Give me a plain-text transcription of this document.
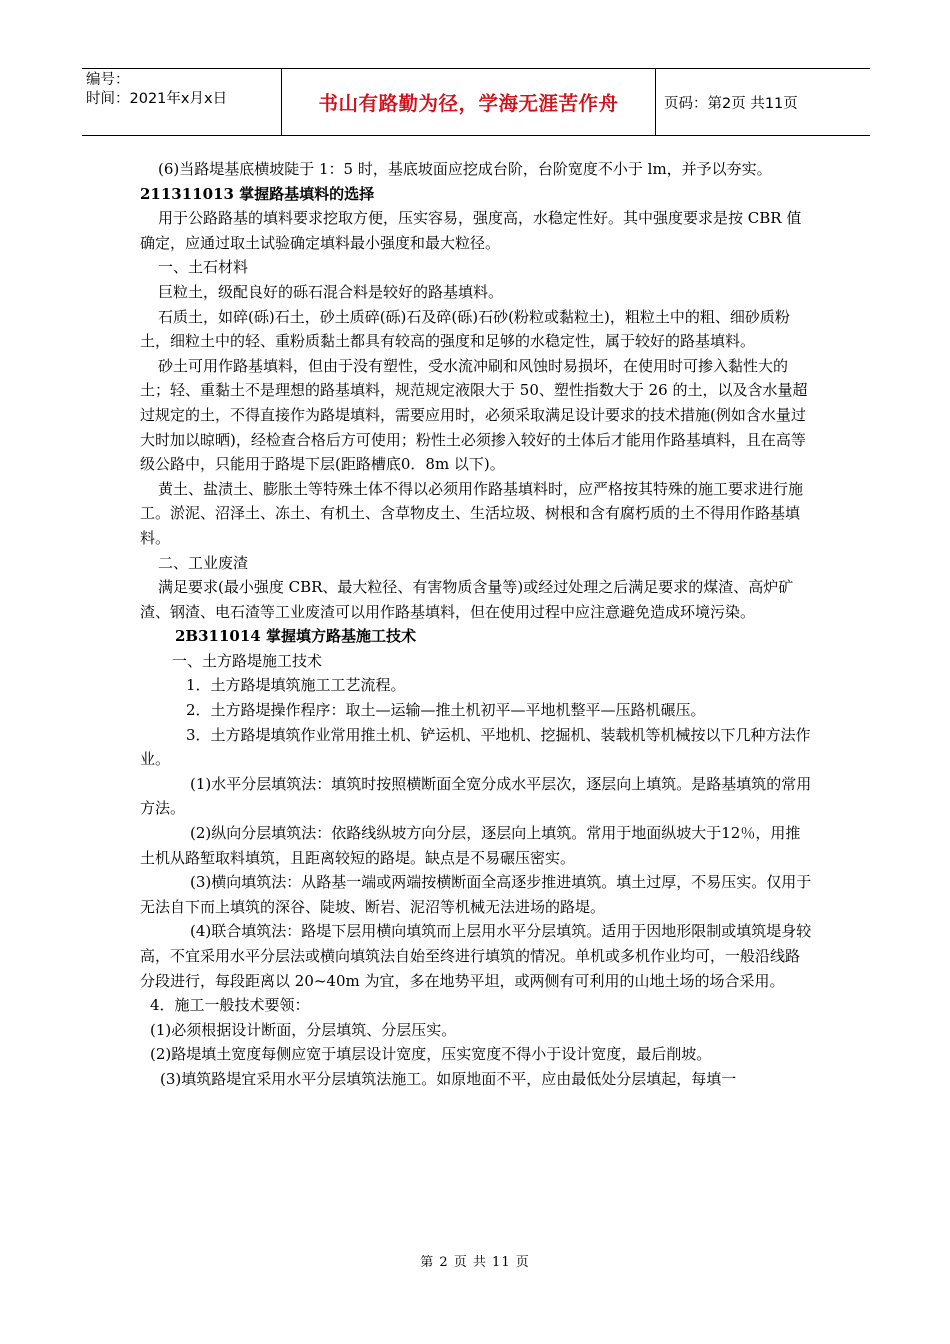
编号：
时间：2021年x月x日	书山有路勤为径，学海无涯苦作舟	页码：第2页 共11页

(6)当路堤基底横坡陡于 1：5 时，基底坡面应挖成台阶，台阶宽度不小于 lm，并予以夯实。

211311013 掌握路基填料的选择

用于公路路基的填料要求挖取方便，压实容易，强度高，水稳定性好。其中强度要求是按 CBR 值确定，应通过取土试验确定填料最小强度和最大粒径。

一、土石材料

巨粒土，级配良好的砾石混合料是较好的路基填料。

石质土，如碎(砾)石土，砂土质碎(砾)石及碎(砾)石砂(粉粒或黏粒土)，粗粒土中的粗、细砂质粉土，细粒土中的轻、重粉质黏土都具有较高的强度和足够的水稳定性，属于较好的路基填料。

砂土可用作路基填料，但由于没有塑性，受水流冲刷和风蚀时易损坏，在使用时可掺入黏性大的土；轻、重黏土不是理想的路基填料，规范规定液限大于 50、塑性指数大于 26 的土，以及含水量超过规定的土，不得直接作为路堤填料，需要应用时，必须采取满足设计要求的技术措施(例如含水量过大时加以晾晒)，经检查合格后方可使用；粉性土必须掺入较好的土体后才能用作路基填料，且在高等级公路中，只能用于路堤下层(距路槽底0．8m 以下)。

黄土、盐渍土、膨胀土等特殊土体不得以必须用作路基填料时，应严格按其特殊的施工要求进行施工。淤泥、沼泽土、冻土、有机土、含草物皮土、生活垃圾、树根和含有腐朽质的土不得用作路基填料。

二、工业废渣

满足要求(最小强度 CBR、最大粒径、有害物质含量等)或经过处理之后满足要求的煤渣、高炉矿渣、钢渣、电石渣等工业废渣可以用作路基填料，但在使用过程中应注意避免造成环境污染。

2B311014 掌握填方路基施工技术

一、土方路堤施工技术

1．土方路堤填筑施工工艺流程。

2．土方路堤操作程序：取土—运输—推土机初平—平地机整平—压路机碾压。

3．土方路堤填筑作业常用推土机、铲运机、平地机、挖掘机、装载机等机械按以下几种方法作业。

(1)水平分层填筑法：填筑时按照横断面全宽分成水平层次，逐层向上填筑。是路基填筑的常用方法。

(2)纵向分层填筑法：依路线纵坡方向分层，逐层向上填筑。常用于地面纵坡大于12％，用推土机从路堑取料填筑，且距离较短的路堤。缺点是不易碾压密实。

(3)横向填筑法：从路基一端或两端按横断面全高逐步推进填筑。填土过厚，不易压实。仅用于无法自下而上填筑的深谷、陡坡、断岩、泥沼等机械无法进场的路堤。

(4)联合填筑法：路堤下层用横向填筑而上层用水平分层填筑。适用于因地形限制或填筑堤身较高，不宜采用水平分层法或横向填筑法自始至终进行填筑的情况。单机或多机作业均可，一般沿线路分段进行，每段距离以 20~40m 为宜，多在地势平坦，或两侧有可利用的山地土场的场合采用。

4．施工一般技术要领：

(1)必须根据设计断面，分层填筑、分层压实。

(2)路堤填土宽度每侧应宽于填层设计宽度，压实宽度不得小于设计宽度，最后削坡。

(3)填筑路堤宜采用水平分层填筑法施工。如原地面不平，应由最低处分层填起，每填一

第 2 页 共 11 页
